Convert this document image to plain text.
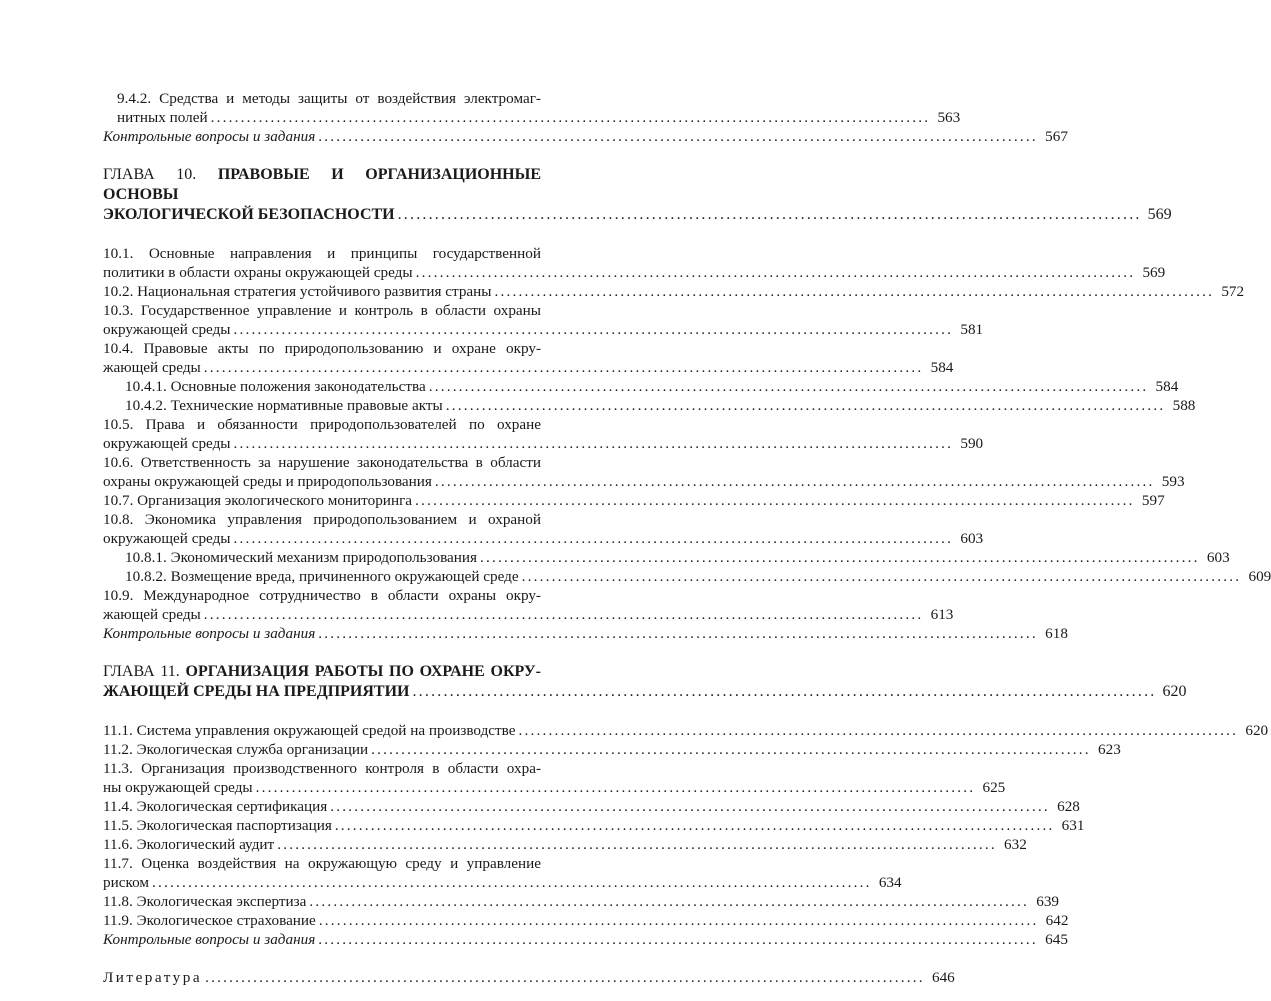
9.4.2. Средства и методы защиты от воздействия электромаг-
нитных полей ........................................................................................................................ 563
Контрольные вопросы и задания ........................................................................................................................ 567
ГЛАВА 10. ПРАВОВЫЕ И ОРГАНИЗАЦИОННЫЕ ОСНОВЫ
ЭКОЛОГИЧЕСКОЙ БЕЗОПАСНОСТИ ........................................................................................................................ 569
10.1. Основные направления и принципы государственной
политики в области охраны окружающей среды ........................................................................................................................ 569
10.2. Национальная стратегия устойчивого развития страны ........................................................................................................................ 572
10.3. Государственное управление и контроль в области охраны
окружающей среды ........................................................................................................................ 581
10.4. Правовые акты по природопользованию и охране окру-
жающей среды ........................................................................................................................ 584
10.4.1. Основные положения законодательства ........................................................................................................................ 584
10.4.2. Технические нормативные правовые акты ........................................................................................................................ 588
10.5. Права и обязанности природопользователей по охране
окружающей среды ........................................................................................................................ 590
10.6. Ответственность за нарушение законодательства в области
охраны окружающей среды и природопользования ........................................................................................................................ 593
10.7. Организация экологического мониторинга ........................................................................................................................ 597
10.8. Экономика управления природопользованием и охраной
окружающей среды ........................................................................................................................ 603
10.8.1. Экономический механизм природопользования ........................................................................................................................ 603
10.8.2. Возмещение вреда, причиненного окружающей среде ........................................................................................................................ 609
10.9. Международное сотрудничество в области охраны окру-
жающей среды ........................................................................................................................ 613
Контрольные вопросы и задания ........................................................................................................................ 618
ГЛАВА 11. ОРГАНИЗАЦИЯ РАБОТЫ ПО ОХРАНЕ ОКРУ-
ЖАЮЩЕЙ СРЕДЫ НА ПРЕДПРИЯТИИ ........................................................................................................................ 620
11.1. Система управления окружающей средой на производстве ........................................................................................................................ 620
11.2. Экологическая служба организации ........................................................................................................................ 623
11.3. Организация производственного контроля в области охра-
ны окружающей среды ........................................................................................................................ 625
11.4. Экологическая сертификация ........................................................................................................................ 628
11.5. Экологическая паспортизация ........................................................................................................................ 631
11.6. Экологический аудит ........................................................................................................................ 632
11.7. Оценка воздействия на окружающую среду и управление
риском ........................................................................................................................ 634
11.8. Экологическая экспертиза ........................................................................................................................ 639
11.9. Экологическое страхование ........................................................................................................................ 642
Контрольные вопросы и задания ........................................................................................................................ 645
Литература ........................................................................................................................ 646
